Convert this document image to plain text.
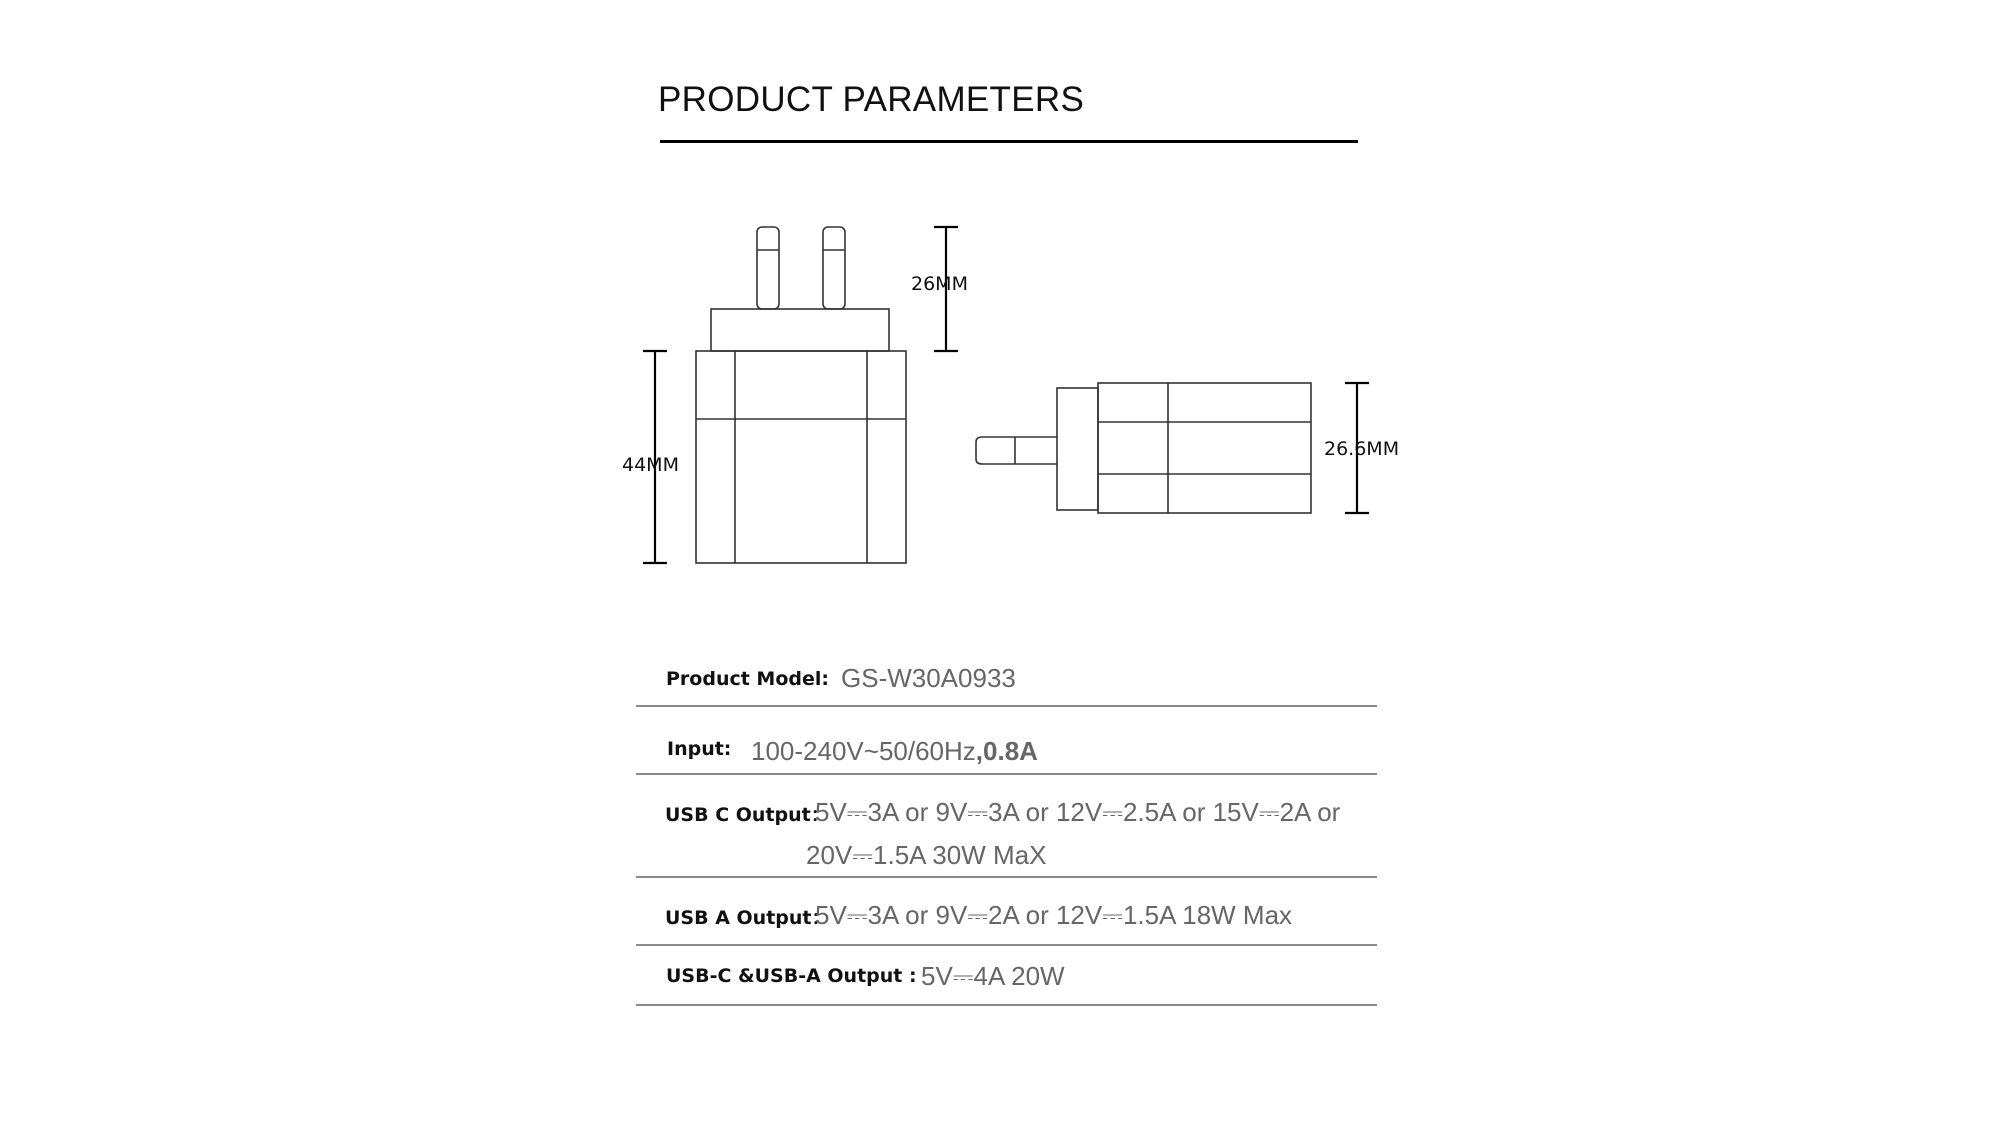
PRODUCT PARAMETERS
26MM
44MM
26.6MM
Product Model: GS-W30A0933
Input: 100-240V~50/60Hz,0.8A
USB C Output：
5V⎓3A or 9V⎓3A or 12V⎓2.5A or 15V⎓2A or
20V⎓1.5A 30W MaX
USB A Output：
5V⎓3A or 9V⎓2A or 12V⎓1.5A 18W Max
USB-C &USB-A Output : 5V⎓4A 20W
